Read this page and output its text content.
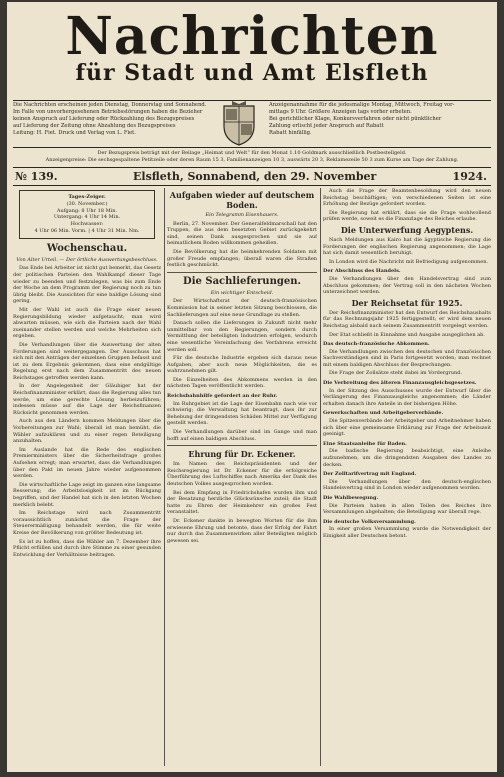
Nachrichten
für Stadt und Amt Elsfleth
Die Nachrichten erscheinen jeden Dienstag, Donnerstag und Sonnabend.
Im Falle von unvorhergesehenen Betriebsstörungen haben die Bezieher
keinen Anspruch auf Lieferung oder Rückzahlung des Bezugspreises
auf Lieferung der Zeitung ohne Abzahlung des Bezugspreises
Leitung: H. Fiet. Druck und Verlag von L. Fiet.
Anzeigenannahme für die jedesmalige Montag, Mittwoch, Freitag vor-
mittags 9 Uhr. Größere Anzeigen tags vorher erbeten.
Bei gerichtlicher Klage, Konkursverfahren oder nicht pünktlicher
Zahlung erlischt jeder Anspruch auf Rabatt
Rabatt hinfällig.
Der Bezugspreis beträgt mit der Beilage „Heimat und Welt“ für den Monat 1.10 Goldmark ausschließlich Postbestellgeld.
Anzeigenpreise: Die sechsgespaltene Petitzeile oder deren Raum 15 3, Familienanzeigen 10 3, auswärts 20 3, Reklamezeile 50 3 zum Kurse am Tage der Zahlung.
№ 139.	Elsfleth, Sonnabend, den 29. November	1924.
Tages-Zeiger.
(30. November.)
Aufgang: 8 Uhr 18 Min.
Untergang: 4 Uhr 14 Min.
Hochwasser:
4 Uhr 06 Min. Vorm. | 4 Uhr 31 Min. Nm.
Wochenschau.
Von Alter Urteil. — Der örtliche Auswertungsbeschluss.

Das Ende bei Arbeiter ist nicht gut bemerkt, das Gesetz der politischen Parteien den Wahlkampf dieser Tage wieder zu beenden und festzulegen, was bis zum Ende der Woche an dem Programm der Regierung noch zu tun übrig bleibt. Die Aussichten für eine baldige Lösung sind gering.

Mit der Wahl ist auch die Frage einer neuen Regierungsbildung wieder aufgetaucht; man wird abwarten müssen, wie sich die Parteien nach der Wahl zueinander stellen werden und welche Mehrheiten sich ergeben.

Die Verhandlungen über die Auswertung der alten Forderungen sind weitergegangen. Der Ausschuss hat sich mit den Anträgen der einzelnen Gruppen befasst und ist zu dem Ergebnis gekommen, dass eine endgültige Regelung erst nach dem Zusammentritt des neuen Reichstages getroffen werden kann.

In der Angelegenheit der Gläubiger hat der Reichsfinanzminister erklärt, dass die Regierung alles tun werde, um eine gerechte Lösung herbeizuführen; indessen müsse auf die Lage der Reichsfinanzen Rücksicht genommen werden.

Auch aus den Ländern kommen Meldungen über die Vorbereitungen zur Wahl; überall ist man bemüht, die Wähler aufzuklären und zu einer regen Beteiligung anzuhalten.

Im Auslande hat die Rede des englischen Premierministers über die Sicherheitsfrage großes Aufsehen erregt; man erwartet, dass die Verhandlungen über den Pakt im neuen Jahre wieder aufgenommen werden.

Die wirtschaftliche Lage zeigt im ganzen eine langsame Besserung; die Arbeitslosigkeit ist im Rückgang begriffen, und der Handel hat sich in den letzten Wochen merklich belebt.

Im Reichstage wird nach Zusammentritt voraussichtlich zunächst die Frage der Steuerermäßigung behandelt werden, die für weite Kreise der Bevölkerung von größter Bedeutung ist.

Es ist zu hoffen, dass die Wähler am 7. Dezember ihre Pflicht erfüllen und durch ihre Stimme zu einer gesunden Entwicklung der Verhältnisse beitragen.

Aufgaben wieder auf deutschem Boden.
Ein Telegramm Eisenhauers.

Berlin, 27. November. Der Generalfeldmarschall hat den Truppen, die aus dem besetzten Gebiet zurückgekehrt sind, seinen Dank ausgesprochen und sie auf heimatlichem Boden willkommen geheißen.

Die Bevölkerung hat die heimkehrenden Soldaten mit großer Freude empfangen; überall waren die Straßen festlich geschmückt.

Die Sachlieferungen.
Ein wichtiger Entscheid.

Der Wirtschaftsrat der deutsch-französischen Kommission hat in seiner letzten Sitzung beschlossen, die Sachlieferungen auf eine neue Grundlage zu stellen.

Danach sollen die Lieferungen in Zukunft nicht mehr unmittelbar von den Regierungen, sondern durch Vermittlung der beteiligten Industrien erfolgen, wodurch eine wesentliche Vereinfachung des Verfahrens erreicht werden soll.

Für die deutsche Industrie ergeben sich daraus neue Aufgaben, aber auch neue Möglichkeiten, die es wahrzunehmen gilt.

Die Einzelheiten des Abkommens werden in den nächsten Tagen veröffentlicht werden.

Reichsbahnhilfe gefordert an der Ruhr.

Im Ruhrgebiet ist die Lage der Eisenbahn nach wie vor schwierig; die Verwaltung hat beantragt, dass ihr zur Behebung der dringendsten Schäden Mittel zur Verfügung gestellt werden.

Die Verhandlungen darüber sind im Gange und man hofft auf einen baldigen Abschluss.

Ehrung für Dr. Eckener.

Im Namen des Reichspräsidenten und der Reichsregierung ist Dr. Eckener für die erfolgreiche Überführung des Luftschiffes nach Amerika der Dank des deutschen Volkes ausgesprochen worden.

Bei dem Empfang in Friedrichshafen wurden ihm und der Besatzung herzliche Glückwünsche zuteil; die Stadt hatte zu Ehren der Heimkehrer ein großes Fest veranstaltet.

Dr. Eckener dankte in bewegten Worten für die ihm erwiesene Ehrung und betonte, dass der Erfolg der Fahrt nur durch das Zusammenwirken aller Beteiligten möglich gewesen sei.

Auch die Frage der Beamtenbesoldung wird den neuen Reichstag beschäftigen; von verschiedenen Seiten ist eine Erhöhung der Bezüge gefordert worden.

Die Regierung hat erklärt, dass sie die Frage wohlwollend prüfen werde, soweit es die Finanzlage des Reiches erlaube.

Die Unterwerfung Aegyptens.

Nach Meldungen aus Kairo hat die ägyptische Regierung die Forderungen der englischen Regierung angenommen; die Lage hat sich damit wesentlich beruhigt.

In London wird die Nachricht mit Befriedigung aufgenommen.

Der Abschluss des Handels.

Die Verhandlungen über den Handelsvertrag sind zum Abschluss gekommen; der Vertrag soll in den nächsten Wochen unterzeichnet werden.

Der Reichsetat für 1925.

Der Reichsfinanzminister hat den Entwurf des Reichshaushalts für das Rechnungsjahr 1925 fertiggestellt; er wird dem neuen Reichstag alsbald nach seinem Zusammentritt vorgelegt werden.

Der Etat schließt in Einnahme und Ausgabe ausgeglichen ab.

Das deutsch-französische Abkommen.

Die Verhandlungen zwischen den deutschen und französischen Sachverständigen sind in Paris fortgesetzt worden; man rechnet mit einem baldigen Abschluss der Besprechungen.

Die Frage der Zollsätze steht dabei im Vordergrund.

Die Verbreitung des älteren Finanzausgleichsgesetzes.

In der Sitzung des Ausschusses wurde der Entwurf über die Verlängerung des Finanzausgleichs angenommen; die Länder erhalten danach ihre Anteile in der bisherigen Höhe.

Gewerkschaften und Arbeitgeberverbände.

Die Spitzenverbände der Arbeitgeber und Arbeitnehmer haben sich über eine gemeinsame Erklärung zur Frage der Arbeitszeit geeinigt.

Eine Staatsanleihe für Baden.

Die badische Regierung beabsichtigt, eine Anleihe aufzunehmen, um die dringendsten Ausgaben des Landes zu decken.

Der Zolltarifvertrag mit England.

Die Verhandlungen über den deutsch-englischen Handelsvertrag sind in London wieder aufgenommen worden.

Die Wahlbewegung.

Die Parteien haben in allen Teilen des Reiches ihre Versammlungen abgehalten; die Beteiligung war überall rege.

Die deutsche Volksversammlung.

In einer großen Versammlung wurde die Notwendigkeit der Einigkeit aller Deutschen betont.
